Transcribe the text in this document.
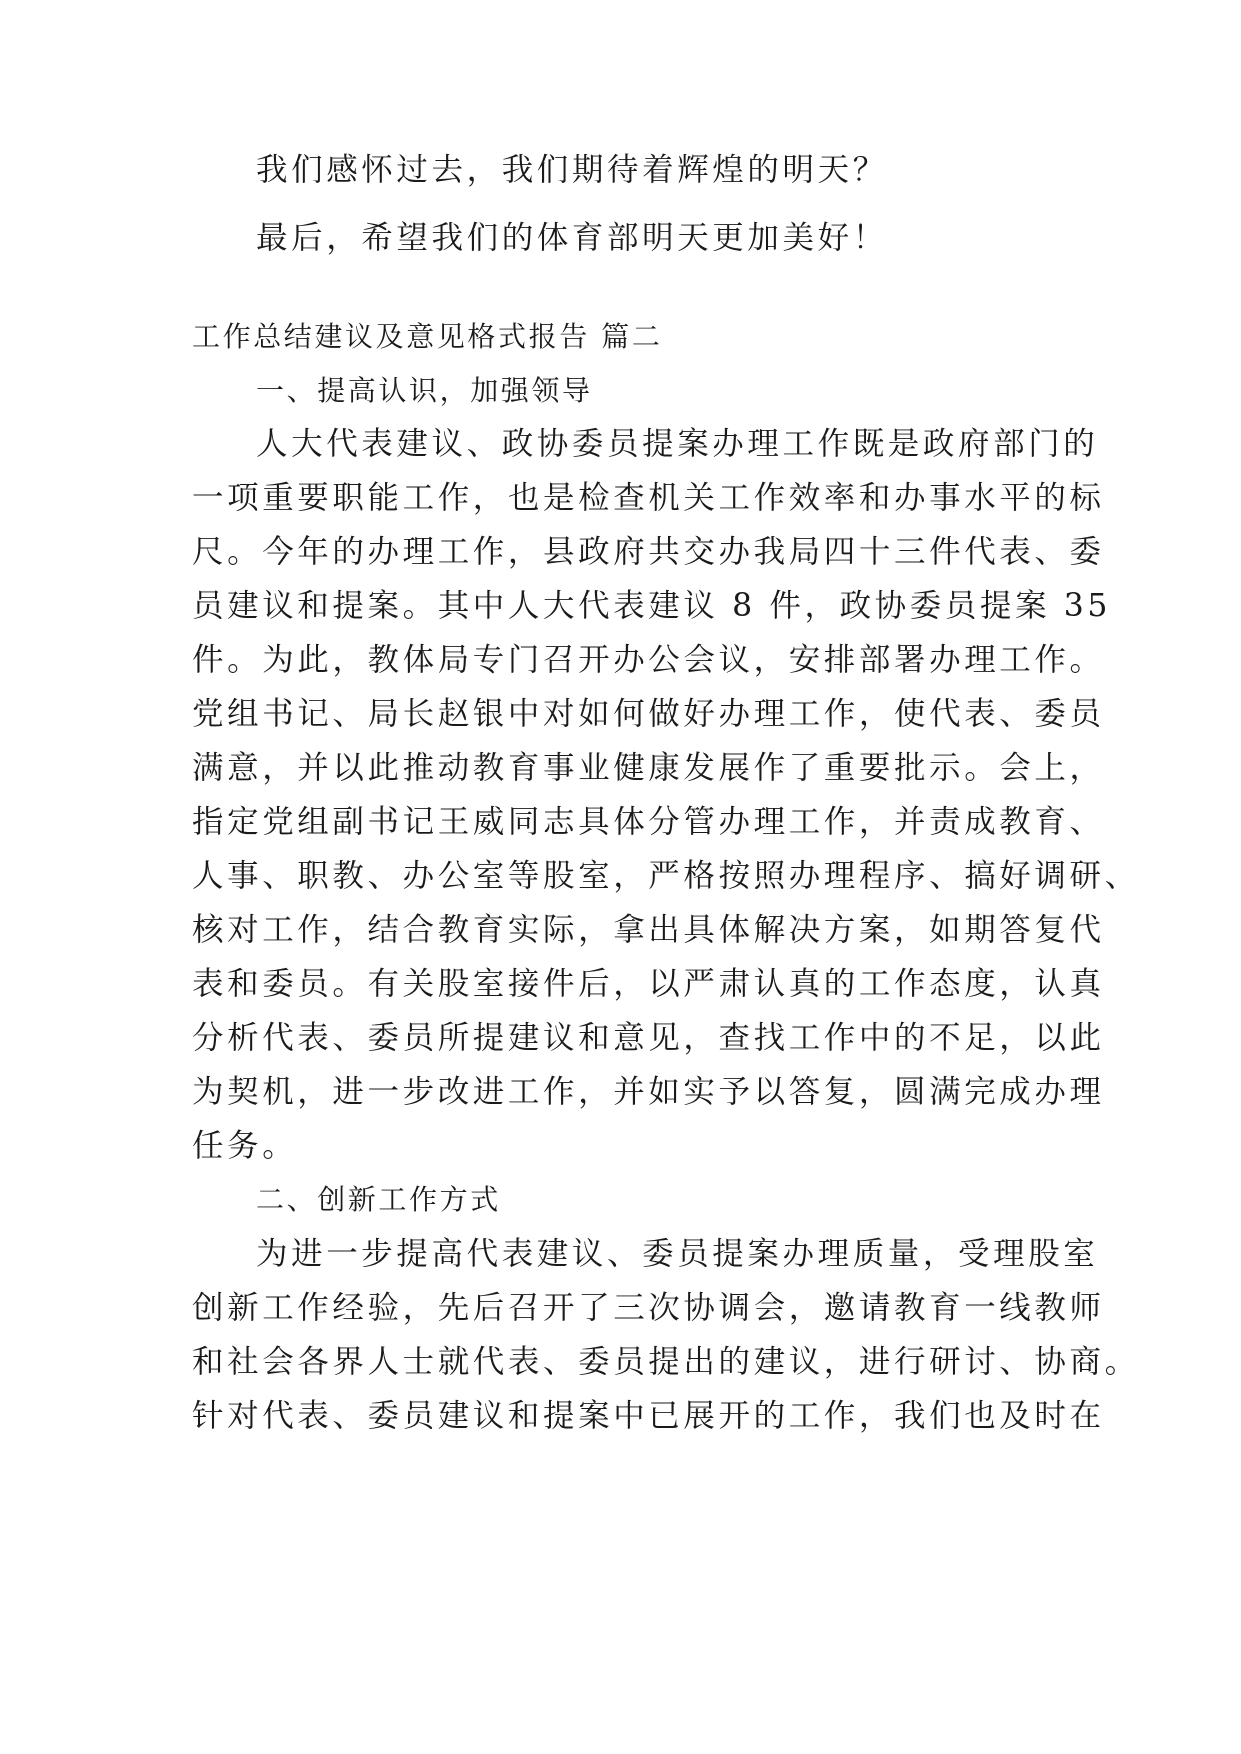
我们感怀过去，我们期待着辉煌的明天？

最后，希望我们的体育部明天更加美好！

工作总结建议及意见格式报告 篇二

一、提高认识，加强领导

人大代表建议、政协委员提案办理工作既是政府部门的

一项重要职能工作，也是检查机关工作效率和办事水平的标

尺。今年的办理工作，县政府共交办我局四十三件代表、委

员建议和提案。其中人大代表建议 8 件，政协委员提案 35

件。为此，教体局专门召开办公会议，安排部署办理工作。

党组书记、局长赵银中对如何做好办理工作，使代表、委员

满意，并以此推动教育事业健康发展作了重要批示。会上，

指定党组副书记王威同志具体分管办理工作，并责成教育、

人事、职教、办公室等股室，严格按照办理程序、搞好调研、

核对工作，结合教育实际，拿出具体解决方案，如期答复代

表和委员。有关股室接件后，以严肃认真的工作态度，认真

分析代表、委员所提建议和意见，查找工作中的不足，以此

为契机，进一步改进工作，并如实予以答复，圆满完成办理

任务。

二、创新工作方式

为进一步提高代表建议、委员提案办理质量，受理股室

创新工作经验，先后召开了三次协调会，邀请教育一线教师

和社会各界人士就代表、委员提出的建议，进行研讨、协商。

针对代表、委员建议和提案中已展开的工作，我们也及时在
